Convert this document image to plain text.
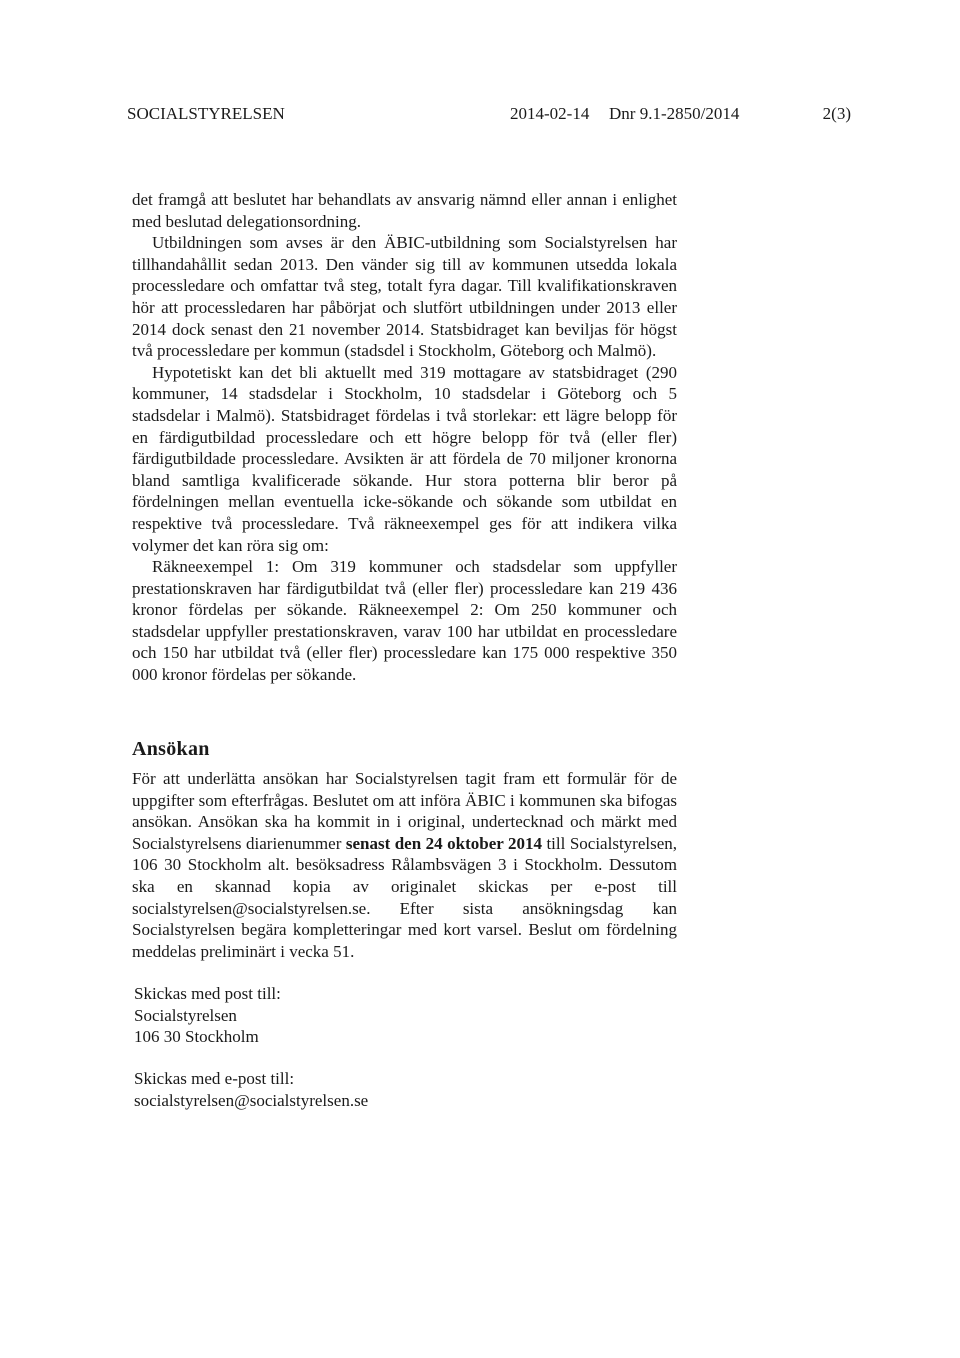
SOCIALSTYRELSEN	2014-02-14 Dnr 9.1-2850/2014	2(3)

det framgå att beslutet har behandlats av ansvarig nämnd eller annan i enlighet med beslutad delegationsordning.

Utbildningen som avses är den ÄBIC-utbildning som Socialstyrelsen har tillhandahållit sedan 2013. Den vänder sig till av kommunen utsedda lokala processledare och omfattar två steg, totalt fyra dagar. Till kvalifikationskraven hör att processledaren har påbörjat och slutfört utbildningen under 2013 eller 2014 dock senast den 21 november 2014. Statsbidraget kan beviljas för högst två processledare per kommun (stadsdel i Stockholm, Göteborg och Malmö).

Hypotetiskt kan det bli aktuellt med 319 mottagare av statsbidraget (290 kommuner, 14 stadsdelar i Stockholm, 10 stadsdelar i Göteborg och 5 stadsdelar i Malmö). Statsbidraget fördelas i två storlekar: ett lägre belopp för en färdigutbildad processledare och ett högre belopp för två (eller fler) färdigutbildade processledare. Avsikten är att fördela de 70 miljoner kronorna bland samtliga kvalificerade sökande. Hur stora potterna blir beror på fördelningen mellan eventuella icke-sökande och sökande som utbildat en respektive två processledare. Två räkneexempel ges för att indikera vilka volymer det kan röra sig om:

Räkneexempel 1: Om 319 kommuner och stadsdelar som uppfyller prestationskraven har färdigutbildat två (eller fler) processledare kan 219 436 kronor fördelas per sökande. Räkneexempel 2: Om 250 kommuner och stadsdelar uppfyller prestationskraven, varav 100 har utbildat en processledare och 150 har utbildat två (eller fler) processledare kan 175 000 respektive 350 000 kronor fördelas per sökande.

Ansökan

För att underlätta ansökan har Socialstyrelsen tagit fram ett formulär för de uppgifter som efterfrågas. Beslutet om att införa ÄBIC i kommunen ska bifogas ansökan. Ansökan ska ha kommit in i original, undertecknad och märkt med Socialstyrelsens diarienummer senast den 24 oktober 2014 till Socialstyrelsen, 106 30 Stockholm alt. besöksadress Rålambsvägen 3 i Stockholm. Dessutom ska en skannad kopia av originalet skickas per e-post till socialstyrelsen@socialstyrelsen.se. Efter sista ansökningsdag kan Socialstyrelsen begära kompletteringar med kort varsel. Beslut om fördelning meddelas preliminärt i vecka 51.

Skickas med post till:
Socialstyrelsen
106 30 Stockholm
Skickas med e-post till:
socialstyrelsen@socialstyrelsen.se
